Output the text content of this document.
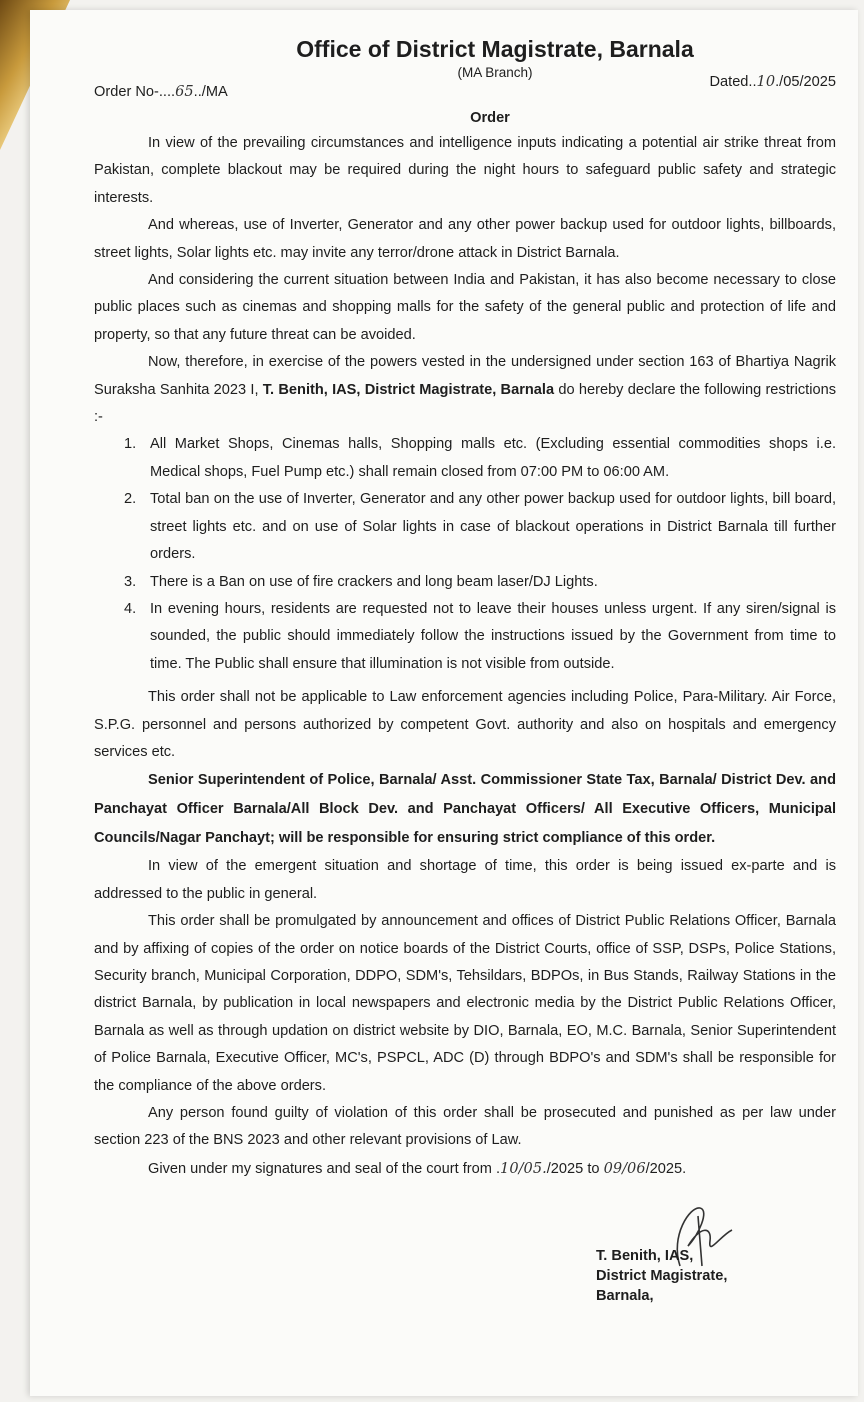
Office of District Magistrate, Barnala
(MA Branch)
Order No-....65../MA
Dated..10./05/2025
Order

In view of the prevailing circumstances and intelligence inputs indicating a potential air strike threat from Pakistan, complete blackout may be required during the night hours to safeguard public safety and strategic interests.

And whereas, use of Inverter, Generator and any other power backup used for outdoor lights, billboards, street lights, Solar lights etc. may invite any terror/drone attack in District Barnala.

And considering the current situation between India and Pakistan, it has also become necessary to close public places such as cinemas and shopping malls for the safety of the general public and protection of life and property, so that any future threat can be avoided.

Now, therefore, in exercise of the powers vested in the undersigned under section 163 of Bhartiya Nagrik Suraksha Sanhita 2023 I, T. Benith, IAS, District Magistrate, Barnala do hereby declare the following restrictions :-

1. All Market Shops, Cinemas halls, Shopping malls etc. (Excluding essential commodities shops i.e. Medical shops, Fuel Pump etc.) shall remain closed from 07:00 PM to 06:00 AM.
2. Total ban on the use of Inverter, Generator and any other power backup used for outdoor lights, bill board, street lights etc. and on use of Solar lights in case of blackout operations in District Barnala till further orders.
3. There is a Ban on use of fire crackers and long beam laser/DJ Lights.
4. In evening hours, residents are requested not to leave their houses unless urgent. If any siren/signal is sounded, the public should immediately follow the instructions issued by the Government from time to time. The Public shall ensure that illumination is not visible from outside.

This order shall not be applicable to Law enforcement agencies including Police, Para-Military. Air Force, S.P.G. personnel and persons authorized by competent Govt. authority and also on hospitals and emergency services etc.

Senior Superintendent of Police, Barnala/ Asst. Commissioner State Tax, Barnala/ District Dev. and Panchayat Officer Barnala/All Block Dev. and Panchayat Officers/ All Executive Officers, Municipal Councils/Nagar Panchayt; will be responsible for ensuring strict compliance of this order.

In view of the emergent situation and shortage of time, this order is being issued ex-parte and is addressed to the public in general.

This order shall be promulgated by announcement and offices of District Public Relations Officer, Barnala and by affixing of copies of the order on notice boards of the District Courts, office of SSP, DSPs, Police Stations, Security branch, Municipal Corporation, DDPO, SDM's, Tehsildars, BDPOs, in Bus Stands, Railway Stations in the district Barnala, by publication in local newspapers and electronic media by the District Public Relations Officer, Barnala as well as through updation on district website by DIO, Barnala, EO, M.C. Barnala, Senior Superintendent of Police Barnala, Executive Officer, MC's, PSPCL, ADC (D) through BDPO's and SDM's shall be responsible for the compliance of the above orders.

Any person found guilty of violation of this order shall be prosecuted and punished as per law under section 223 of the BNS 2023 and other relevant provisions of Law.

Given under my signatures and seal of the court from .10/05./2025 to 09/06/2025.

T. Benith, IAS,
District Magistrate,
Barnala,
